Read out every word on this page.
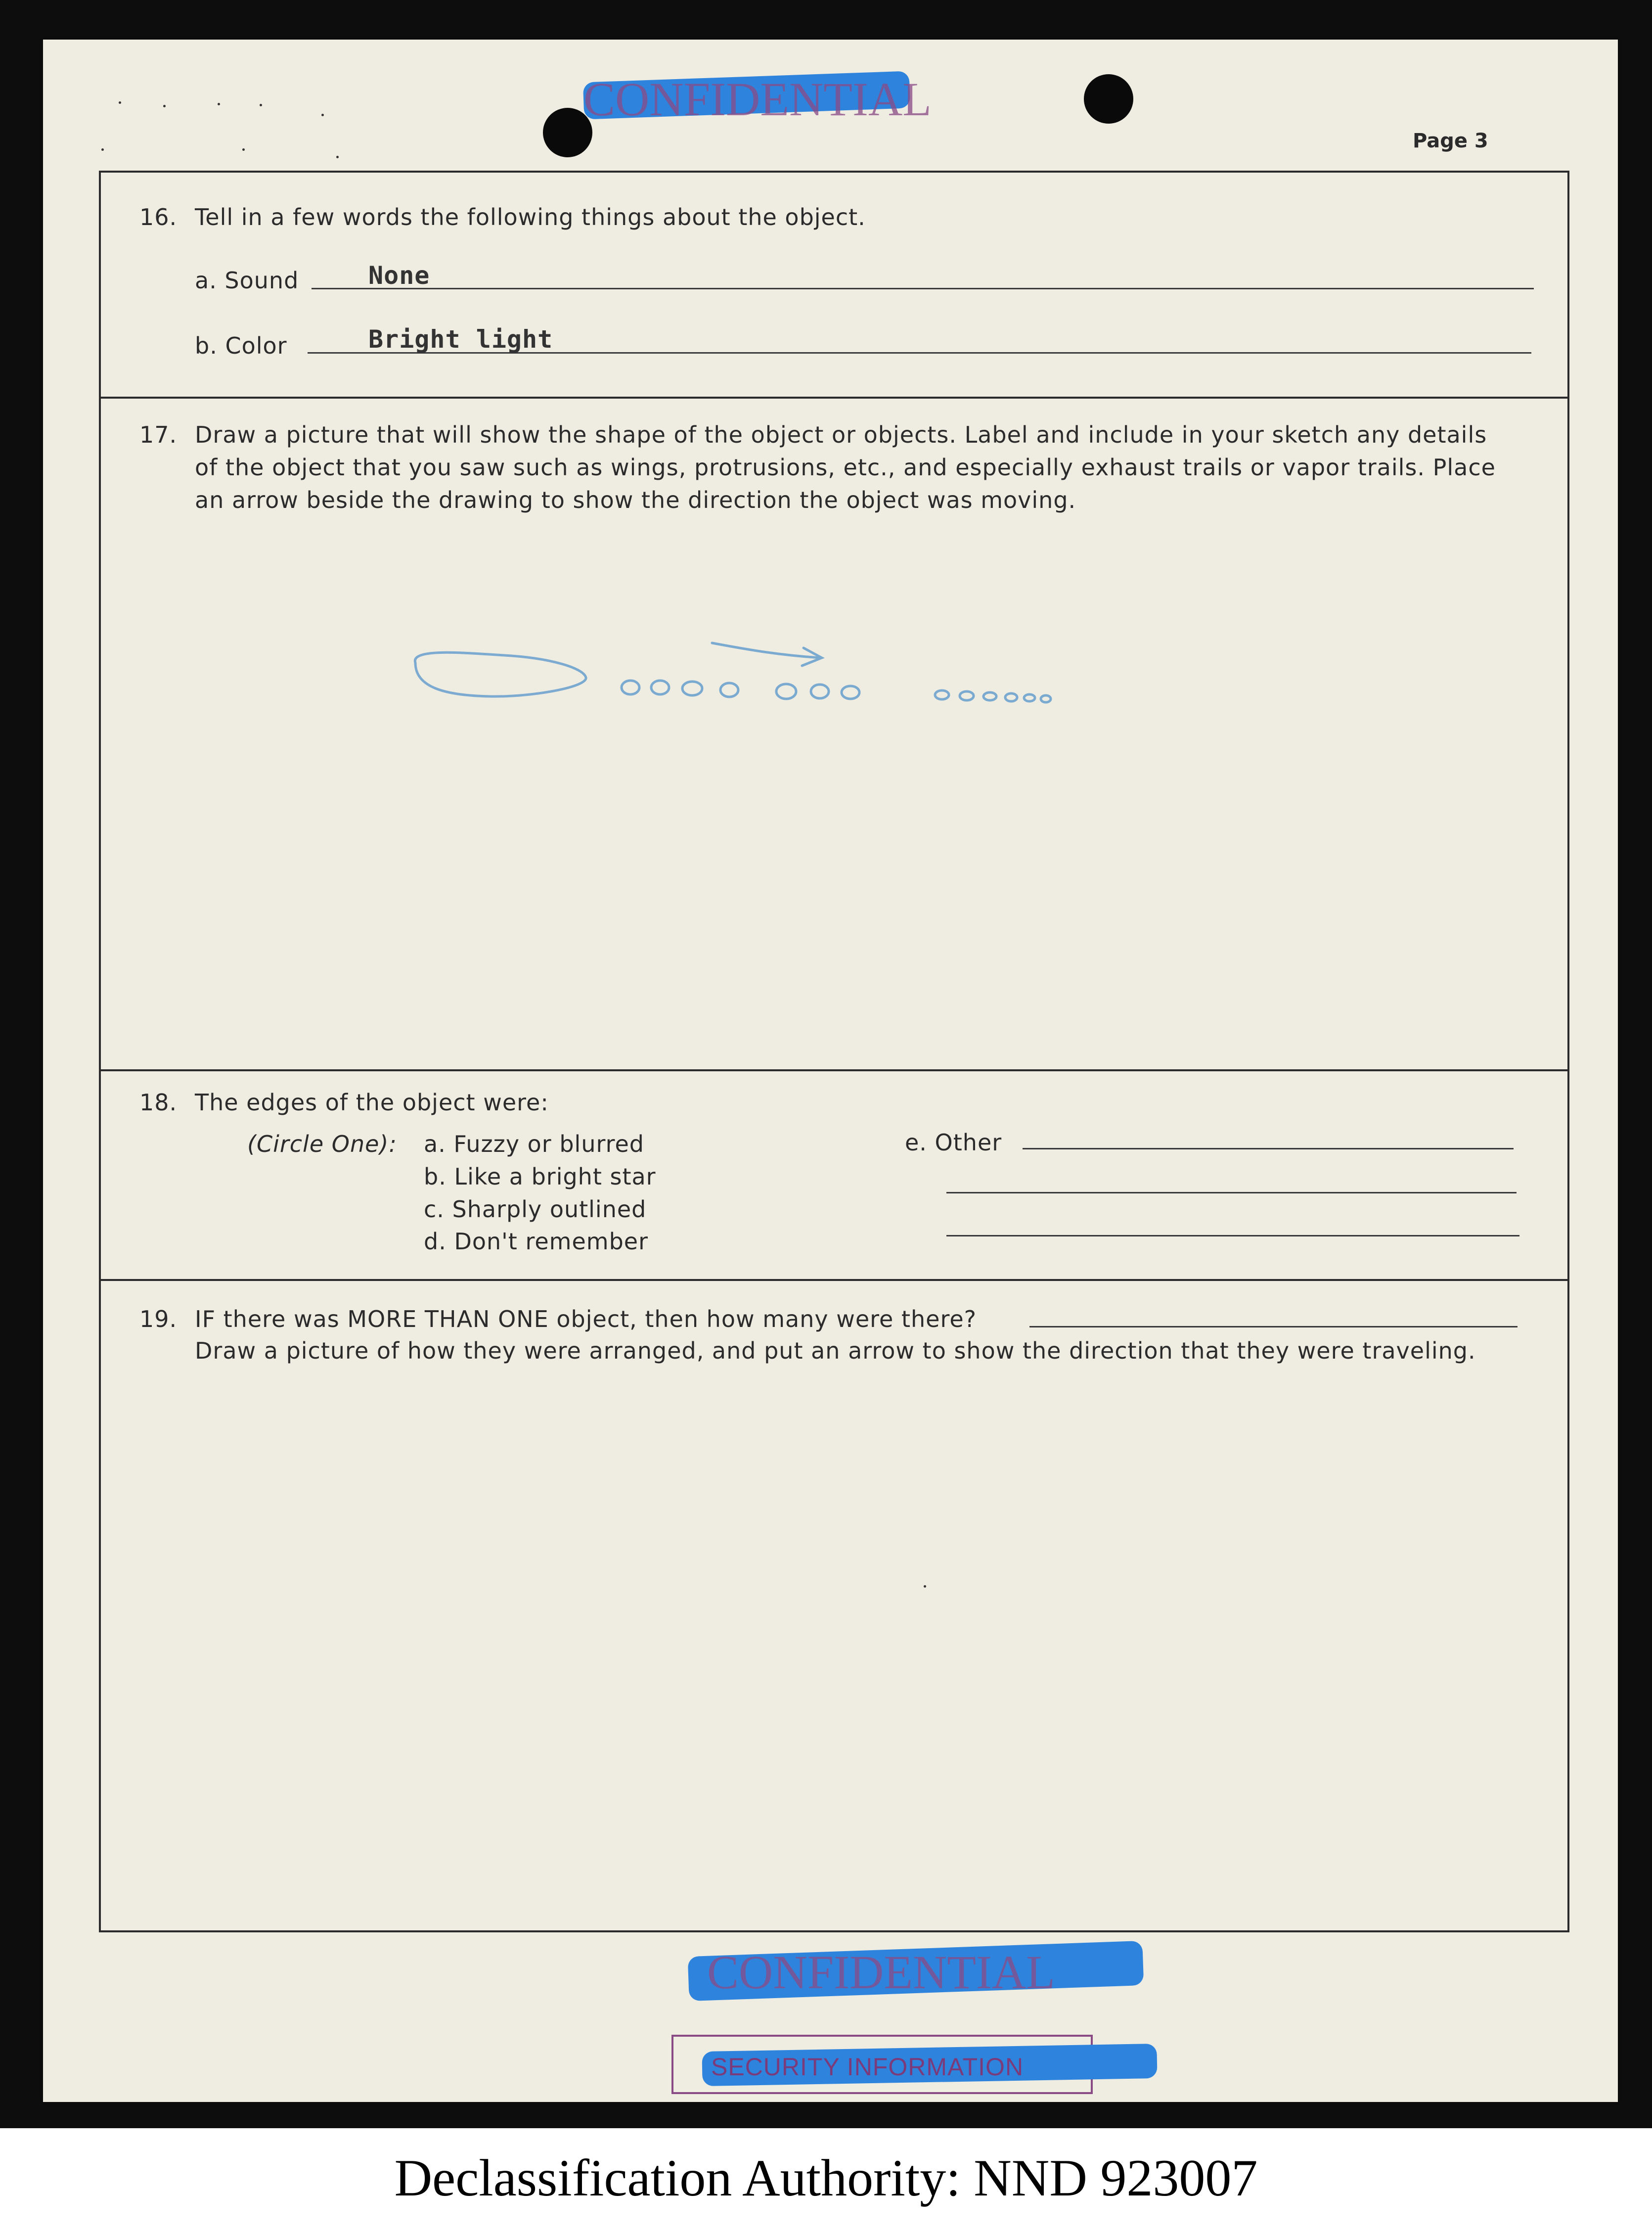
CONFIDENTIAL
Page 3
16. Tell in a few words the following things about the object.
a. Sound	None
b. Color	Bright light
17. Draw a picture that will show the shape of the object or objects. Label and include in your sketch any details
of the object that you saw such as wings, protrusions, etc., and especially exhaust trails or vapor trails. Place
an arrow beside the drawing to show the direction the object was moving.
18. The edges of the object were:
(Circle One): a. Fuzzy or blurred
b. Like a bright star
c. Sharply outlined
d. Don't remember
e. Other
19. IF there was MORE THAN ONE object, then how many were there?
Draw a picture of how they were arranged, and put an arrow to show the direction that they were traveling.
CONFIDENTIAL
SECURITY INFORMATION
Declassification Authority: NND 923007
